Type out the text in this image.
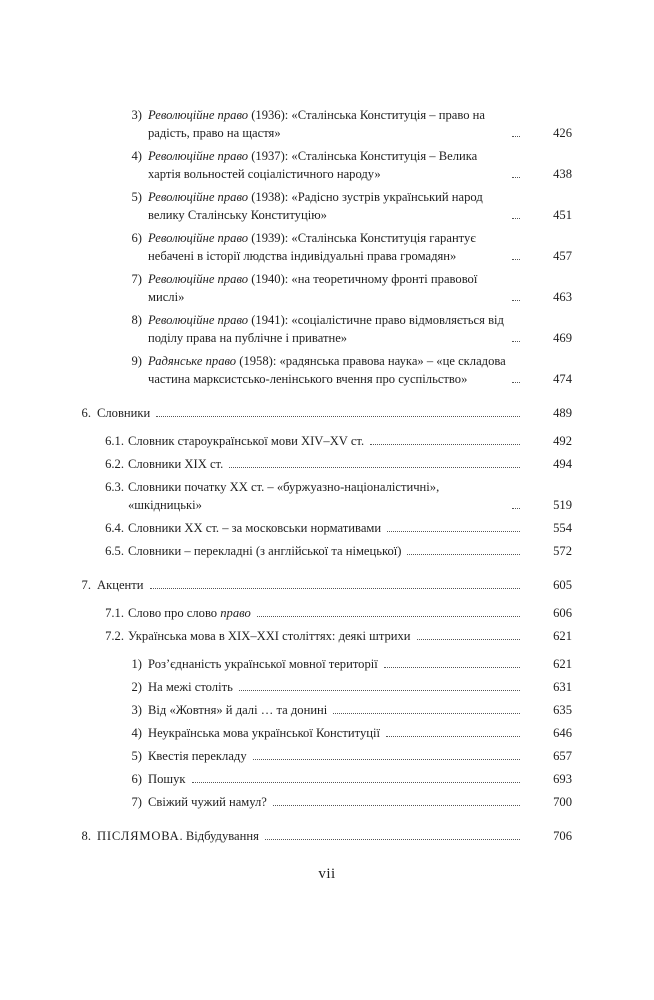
3) Революційне право (1936): «Сталінська Конституція – право на радість, право на щастя»	426
4) Революційне право (1937): «Сталінська Конституція – Велика хартія вольностей соціалістичного народу»	438
5) Революційне право (1938): «Радісно зустрів український народ велику Сталінську Конституцію»	451
6) Революційне право (1939): «Сталінська Конституція гарантує небачені в історії людства індивідуальні права громадян»	457
7) Революційне право (1940): «на теоретичному фронті правової мислі»	463
8) Революційне право (1941): «соціалістичне право відмовляється від поділу права на публічне і приватне»	469
9) Радянське право (1958): «радянська правова наука» – «це складова частина марксистсько-ленінського вчення про суспільство»	474
6. Словники	489
6.1. Словник староукраїнської мови XIV–XV ст.	492
6.2. Словники XIX ст.	494
6.3. Словники початку XX ст. – «буржуазно-націоналістичні», «шкідницькі»	519
6.4. Словники XX ст. – за московськи нормативами	554
6.5. Словники – перекладні (з англійської та німецької)	572
7. Акценти	605
7.1. Слово про слово право	606
7.2. Українська мова в XIX–XXI століттях: деякі штрихи	621
1) Роз’єднаність української мовної території	621
2) На межі століть	631
3) Від «Жовтня» й далі … та донині	635
4) Неукраїнська мова української Конституції	646
5) Квестія перекладу	657
6) Пошук	693
7) Свіжий чужий намул?	700
8. ПІСЛЯМОВА. Відбудування	706
vii
